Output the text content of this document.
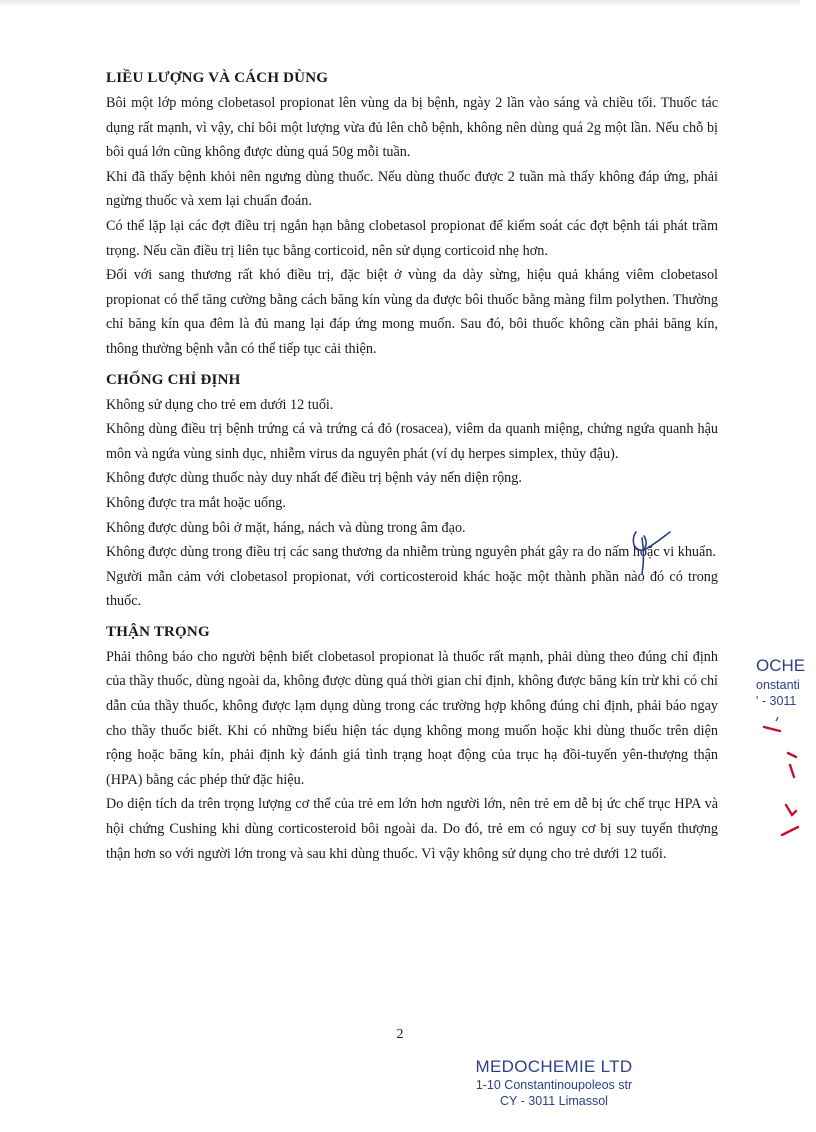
LIỀU LƯỢNG VÀ CÁCH DÙNG

Bôi một lớp mỏng clobetasol propionat lên vùng da bị bệnh, ngày 2 lần vào sáng và chiều tối. Thuốc tác dụng rất mạnh, vì vậy, chỉ bôi một lượng vừa đủ lên chỗ bệnh, không nên dùng quá 2g một lần. Nếu chỗ bị bôi quá lớn cũng không được dùng quá 50g mỗi tuần.

Khi đã thấy bệnh khỏi nên ngưng dùng thuốc. Nếu dùng thuốc được 2 tuần mà thấy không đáp ứng, phải ngừng thuốc và xem lại chuẩn đoán.

Có thể lặp lại các đợt điều trị ngắn hạn bằng clobetasol propionat để kiểm soát các đợt bệnh tái phát trầm trọng. Nếu cần điều trị liên tục bằng corticoid, nên sử dụng corticoid nhẹ hơn.

Đối với sang thương rất khó điều trị, đặc biệt ở vùng da dày sừng, hiệu quả kháng viêm clobetasol propionat có thể tăng cường bằng cách băng kín vùng da được bôi thuốc bằng màng film polythen. Thường chỉ băng kín qua đêm là đủ mang lại đáp ứng mong muốn. Sau đó, bôi thuốc không cần phải băng kín, thông thường bệnh vẫn có thể tiếp tục cải thiện.

CHỐNG CHỈ ĐỊNH

Không sử dụng cho trẻ em dưới 12 tuổi.

Không dùng điều trị bệnh trứng cá và trứng cá đỏ (rosacea), viêm da quanh miệng, chứng ngứa quanh hậu môn và ngứa vùng sinh dục, nhiễm virus da nguyên phát (ví dụ herpes simplex, thủy đậu).

Không được dùng thuốc này duy nhất để điều trị bệnh vảy nến diện rộng.

Không được tra mắt hoặc uống.

Không được dùng bôi ở mặt, háng, nách và dùng trong âm đạo.

Không được dùng trong điều trị các sang thương da nhiễm trùng nguyên phát gây ra do nấm hoặc vi khuẩn.

Người mẫn cảm với clobetasol propionat, với corticosteroid khác hoặc một thành phần nào đó có trong thuốc.

THẬN TRỌNG

Phải thông báo cho người bệnh biết clobetasol propionat là thuốc rất mạnh, phải dùng theo đúng chỉ định của thầy thuốc, dùng ngoài da, không được dùng quá thời gian chỉ định, không được băng kín trừ khi có chỉ dẫn của thầy thuốc, không được lạm dụng dùng trong các trường hợp không đúng chỉ định, phải báo ngay cho thầy thuốc biết. Khi có những biểu hiện tác dụng không mong muốn hoặc khi dùng thuốc trên diện rộng hoặc băng kín, phải định kỳ đánh giá tình trạng hoạt động của trục hạ đồi-tuyến yên-thượng thận (HPA) bằng các phép thử đặc hiệu.

Do diện tích da trên trọng lượng cơ thể của trẻ em lớn hơn người lớn, nên trẻ em dễ bị ức chế trục HPA và hội chứng Cushing khi dùng corticosteroid bôi ngoài da. Do đó, trẻ em có nguy cơ bị suy tuyến thượng thận hơn so với người lớn trong và sau khi dùng thuốc. Vì vậy không sử dụng cho trẻ dưới 12 tuổi.

OCHE
onstanti
' - 3011
2
MEDOCHEMIE LTD
1-10 Constantinoupoleos str
CY - 3011 Limassol
